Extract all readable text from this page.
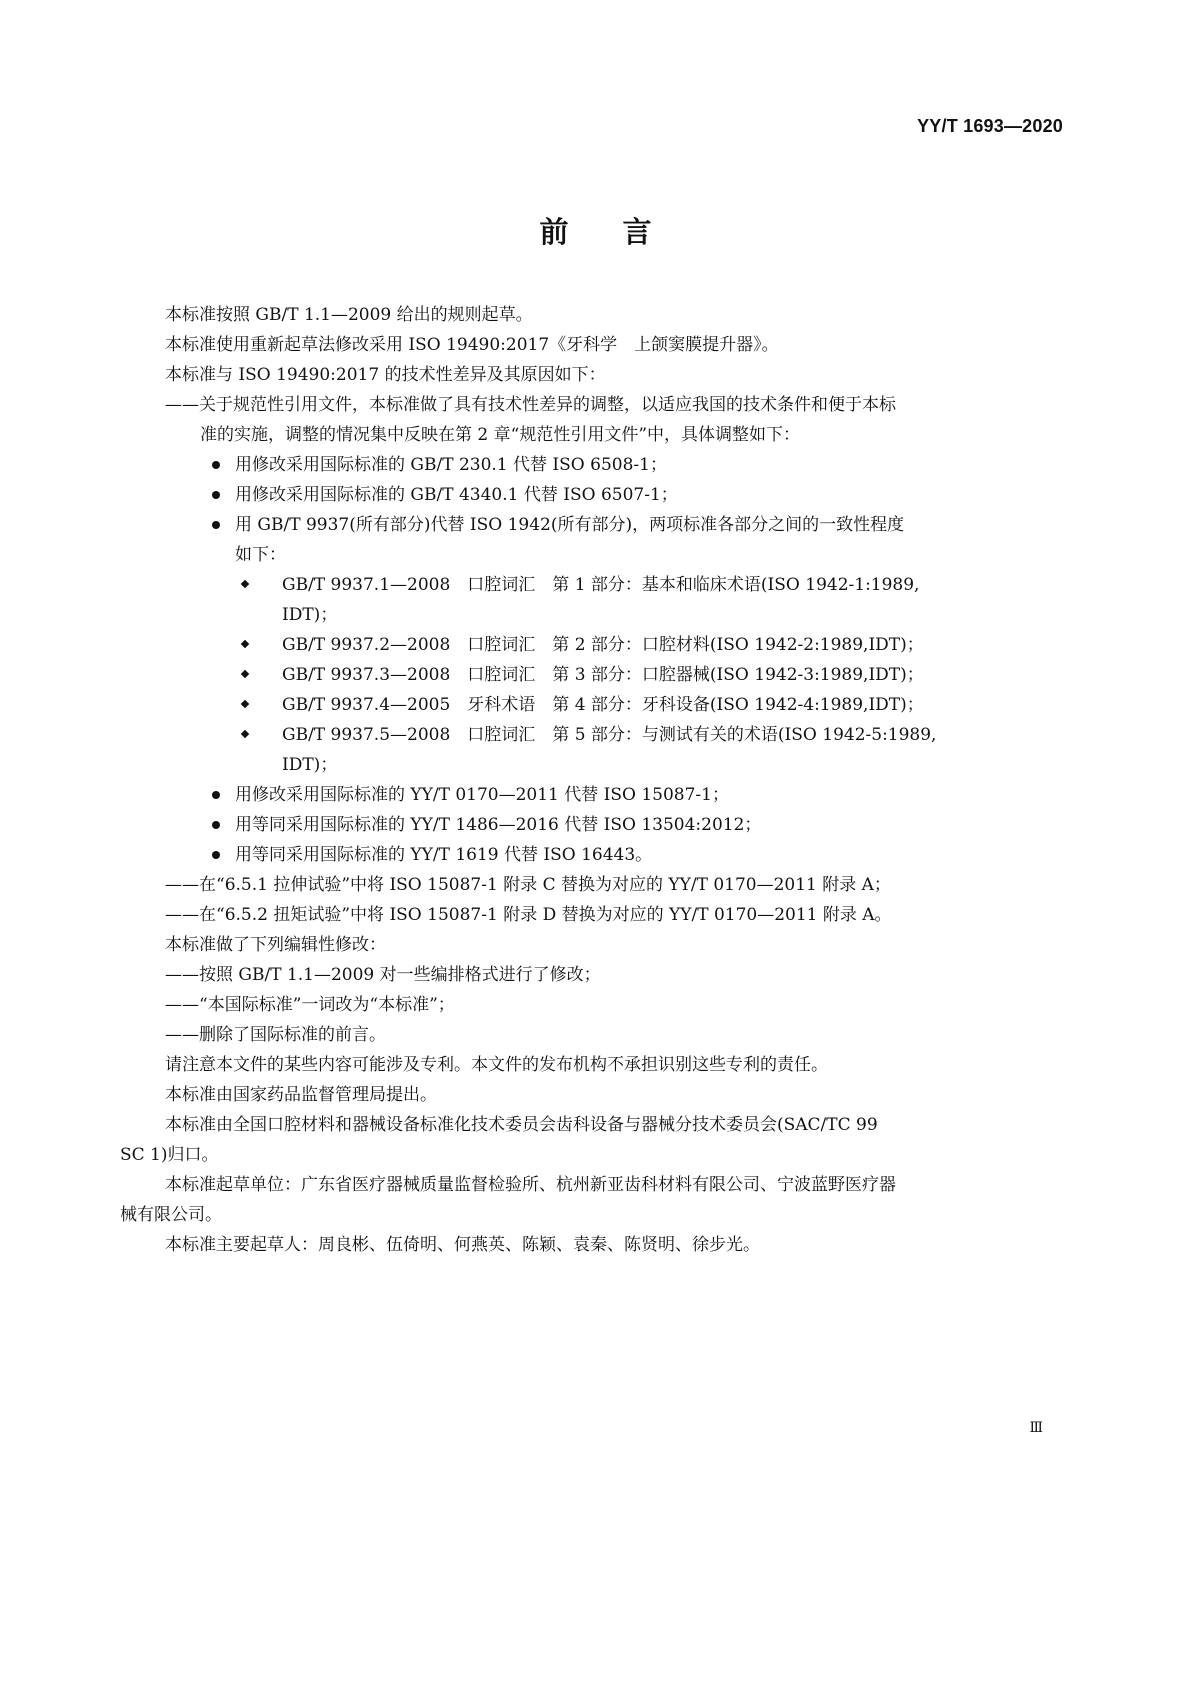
YY/T 1693—2020
前言
本标准按照 GB/T 1.1—2009 给出的规则起草。
本标准使用重新起草法修改采用 ISO 19490:2017《牙科学　上颌窦膜提升器》。
本标准与 ISO 19490:2017 的技术性差异及其原因如下：
——关于规范性引用文件，本标准做了具有技术性差异的调整，以适应我国的技术条件和便于本标
准的实施，调整的情况集中反映在第 2 章“规范性引用文件”中，具体调整如下：
用修改采用国际标准的 GB/T 230.1 代替 ISO 6508-1；
用修改采用国际标准的 GB/T 4340.1 代替 ISO 6507-1；
用 GB/T 9937(所有部分)代替 ISO 1942(所有部分)，两项标准各部分之间的一致性程度
如下：
GB/T 9937.1—2008　口腔词汇　第 1 部分：基本和临床术语(ISO 1942-1:1989,
IDT)；
GB/T 9937.2—2008　口腔词汇　第 2 部分：口腔材料(ISO 1942-2:1989,IDT)；
GB/T 9937.3—2008　口腔词汇　第 3 部分：口腔器械(ISO 1942-3:1989,IDT)；
GB/T 9937.4—2005　牙科术语　第 4 部分：牙科设备(ISO 1942-4:1989,IDT)；
GB/T 9937.5—2008　口腔词汇　第 5 部分：与测试有关的术语(ISO 1942-5:1989,
IDT)；
用修改采用国际标准的 YY/T 0170—2011 代替 ISO 15087-1；
用等同采用国际标准的 YY/T 1486—2016 代替 ISO 13504:2012；
用等同采用国际标准的 YY/T 1619 代替 ISO 16443。
——在“6.5.1 拉伸试验”中将 ISO 15087-1 附录 C 替换为对应的 YY/T 0170—2011 附录 A；
——在“6.5.2 扭矩试验”中将 ISO 15087-1 附录 D 替换为对应的 YY/T 0170—2011 附录 A。
本标准做了下列编辑性修改：
——按照 GB/T 1.1—2009 对一些编排格式进行了修改；
——“本国际标准”一词改为“本标准”；
——删除了国际标准的前言。
请注意本文件的某些内容可能涉及专利。本文件的发布机构不承担识别这些专利的责任。
本标准由国家药品监督管理局提出。
本标准由全国口腔材料和器械设备标准化技术委员会齿科设备与器械分技术委员会(SAC/TC 99
SC 1)归口。
本标准起草单位：广东省医疗器械质量监督检验所、杭州新亚齿科材料有限公司、宁波蓝野医疗器
械有限公司。
本标准主要起草人：周良彬、伍倚明、何燕英、陈颖、袁秦、陈贤明、徐步光。
Ⅲ
